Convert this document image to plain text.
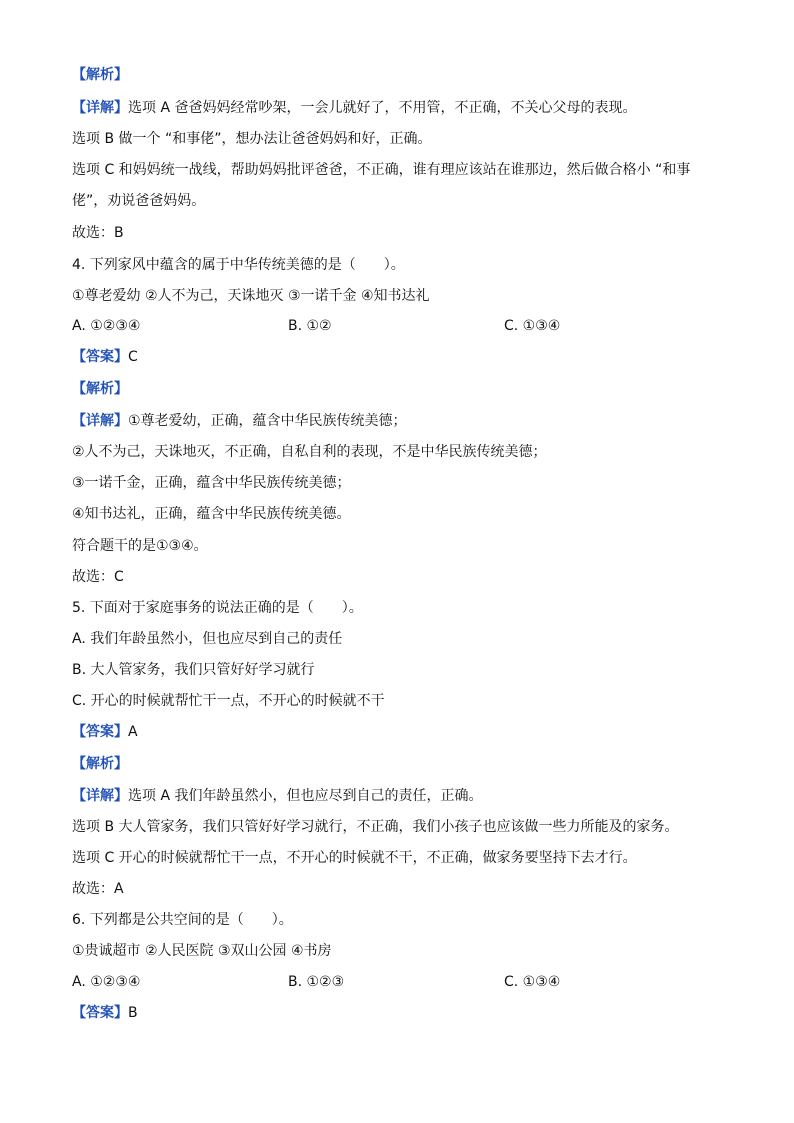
【解析】
【详解】选项 A 爸爸妈妈经常吵架，一会儿就好了，不用管，不正确，不关心父母的表现。
选项 B 做一个 “和事佬”，想办法让爸爸妈妈和好，正确。
选项 C 和妈妈统一战线，帮助妈妈批评爸爸，不正确，谁有理应该站在谁那边，然后做合格小 “和事
佬”，劝说爸爸妈妈。
故选：B
4. 下列家风中蕴含的属于中华传统美德的是（　　）。
①尊老爱幼 ②人不为己，天诛地灭 ③一诺千金 ④知书达礼
A. ①②③④	B. ①②	C. ①③④
【答案】C
【解析】
【详解】①尊老爱幼，正确，蕴含中华民族传统美德；
②人不为己，天诛地灭，不正确，自私自利的表现，不是中华民族传统美德；
③一诺千金，正确，蕴含中华民族传统美德；
④知书达礼，正确，蕴含中华民族传统美德。
符合题干的是①③④。
故选：C
5. 下面对于家庭事务的说法正确的是（　　）。
A. 我们年龄虽然小，但也应尽到自己的责任
B. 大人管家务，我们只管好好学习就行
C. 开心的时候就帮忙干一点，不开心的时候就不干
【答案】A
【解析】
【详解】选项 A 我们年龄虽然小，但也应尽到自己的责任，正确。
选项 B 大人管家务，我们只管好好学习就行，不正确，我们小孩子也应该做一些力所能及的家务。
选项 C 开心的时候就帮忙干一点，不开心的时候就不干，不正确，做家务要坚持下去才行。
故选：A
6. 下列都是公共空间的是（　　）。
①贵诚超市 ②人民医院 ③双山公园 ④书房
A. ①②③④	B. ①②③	C. ①③④
【答案】B
